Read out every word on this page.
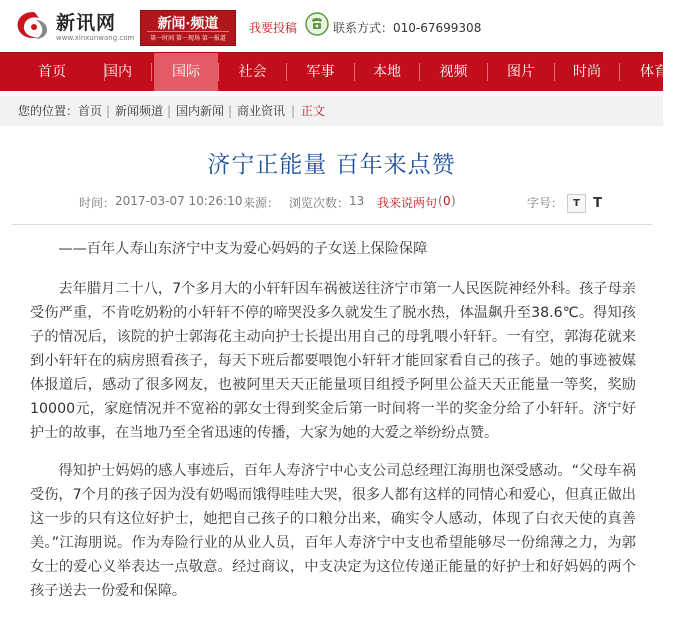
新讯网
www.xinxunwang.com
新闻·频道
第一时间 第一现场 第一报道
我要投稿	联系方式：010-67699308
首页	国内	国际	社会	军事	本地	视频	图片	时尚	体育
您的位置： 首页 | 新闻频道 | 国内新闻 | 商业资讯 | 正文
济宁正能量 百年来点赞
时间： 2017-03-07 10:26:10 来源： 浏览次数： 13 我来说两句 ( 0 )	字号：	T	T

——百年人寿山东济宁中支为爱心妈妈的子女送上保险保障

去年腊月二十八，7个多月大的小轩轩因车祸被送往济宁市第一人民医院神经外科。孩子母亲受伤严重，不肯吃奶粉的小轩轩不停的啼哭没多久就发生了脱水热，体温飙升至38.6℃。得知孩子的情况后，该院的护士郭海花主动向护士长提出用自己的母乳喂小轩轩。一有空，郭海花就来到小轩轩在的病房照看孩子，每天下班后都要喂饱小轩轩才能回家看自己的孩子。她的事迹被媒体报道后，感动了很多网友，也被阿里天天正能量项目组授予阿里公益天天正能量一等奖，奖励10000元，家庭情况并不宽裕的郭女士得到奖金后第一时间将一半的奖金分给了小轩轩。济宁好护士的故事，在当地乃至全省迅速的传播，大家为她的大爱之举纷纷点赞。

得知护士妈妈的感人事迹后，百年人寿济宁中心支公司总经理江海朋也深受感动。“父母车祸受伤，7个月的孩子因为没有奶喝而饿得哇哇大哭，很多人都有这样的同情心和爱心，但真正做出这一步的只有这位好护士，她把自己孩子的口粮分出来，确实令人感动，体现了白衣天使的真善美。”江海朋说。作为寿险行业的从业人员，百年人寿济宁中支也希望能够尽一份绵薄之力，为郭女士的爱心义举表达一点敬意。经过商议，中支决定为这位传递正能量的好护士和好妈妈的两个孩子送去一份爱和保障。
